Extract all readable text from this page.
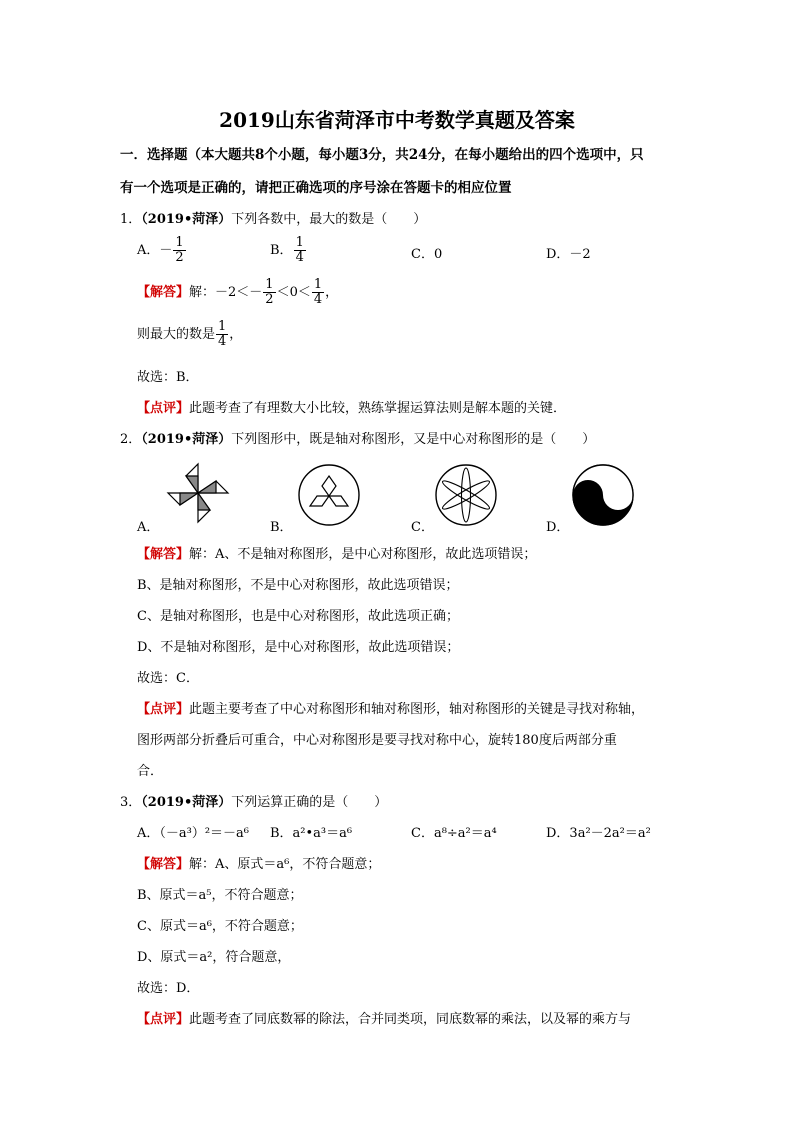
2019山东省菏泽市中考数学真题及答案
一．选择题（本大题共8个小题，每小题3分，共24分，在每小题给出的四个选项中，只
有一个选项是正确的，请把正确选项的序号涂在答题卡的相应位置
1．（2019•菏泽）下列各数中，最大的数是（　　）
A．－ $\frac{1}{2}$	B． $\frac{1}{4}$	C．0	D．－2
【解答】解：$-2<- \frac{1}{2} <0< \frac{1}{4}$ ，
则最大的数是 $\frac{1}{4}$ ，
故选：B．
【点评】此题考查了有理数大小比较，熟练掌握运算法则是解本题的关键．
2．（2019•菏泽）下列图形中，既是轴对称图形，又是中心对称图形的是（　　）
A．	B．	C．	D．
【解答】解：A、不是轴对称图形，是中心对称图形，故此选项错误；
B、是轴对称图形，不是中心对称图形，故此选项错误；
C、是轴对称图形，也是中心对称图形，故此选项正确；
D、不是轴对称图形，是中心对称图形，故此选项错误；
故选：C．
【点评】此题主要考查了中心对称图形和轴对称图形，轴对称图形的关键是寻找对称轴，
图形两部分折叠后可重合，中心对称图形是要寻找对称中心，旋转180度后两部分重
合．
3．（2019•菏泽）下列运算正确的是（　　）
A．（－a³）²＝－a⁶ B．a²•a³＝a⁶	C．a⁸÷a²＝a⁴	D．3a²－2a²＝a²
【解答】解：A、原式＝a⁶，不符合题意；
B、原式＝a⁵，不符合题意；
C、原式＝a⁶，不符合题意；
D、原式＝a²，符合题意，
故选：D．
【点评】此题考查了同底数幂的除法，合并同类项，同底数幂的乘法，以及幂的乘方与
